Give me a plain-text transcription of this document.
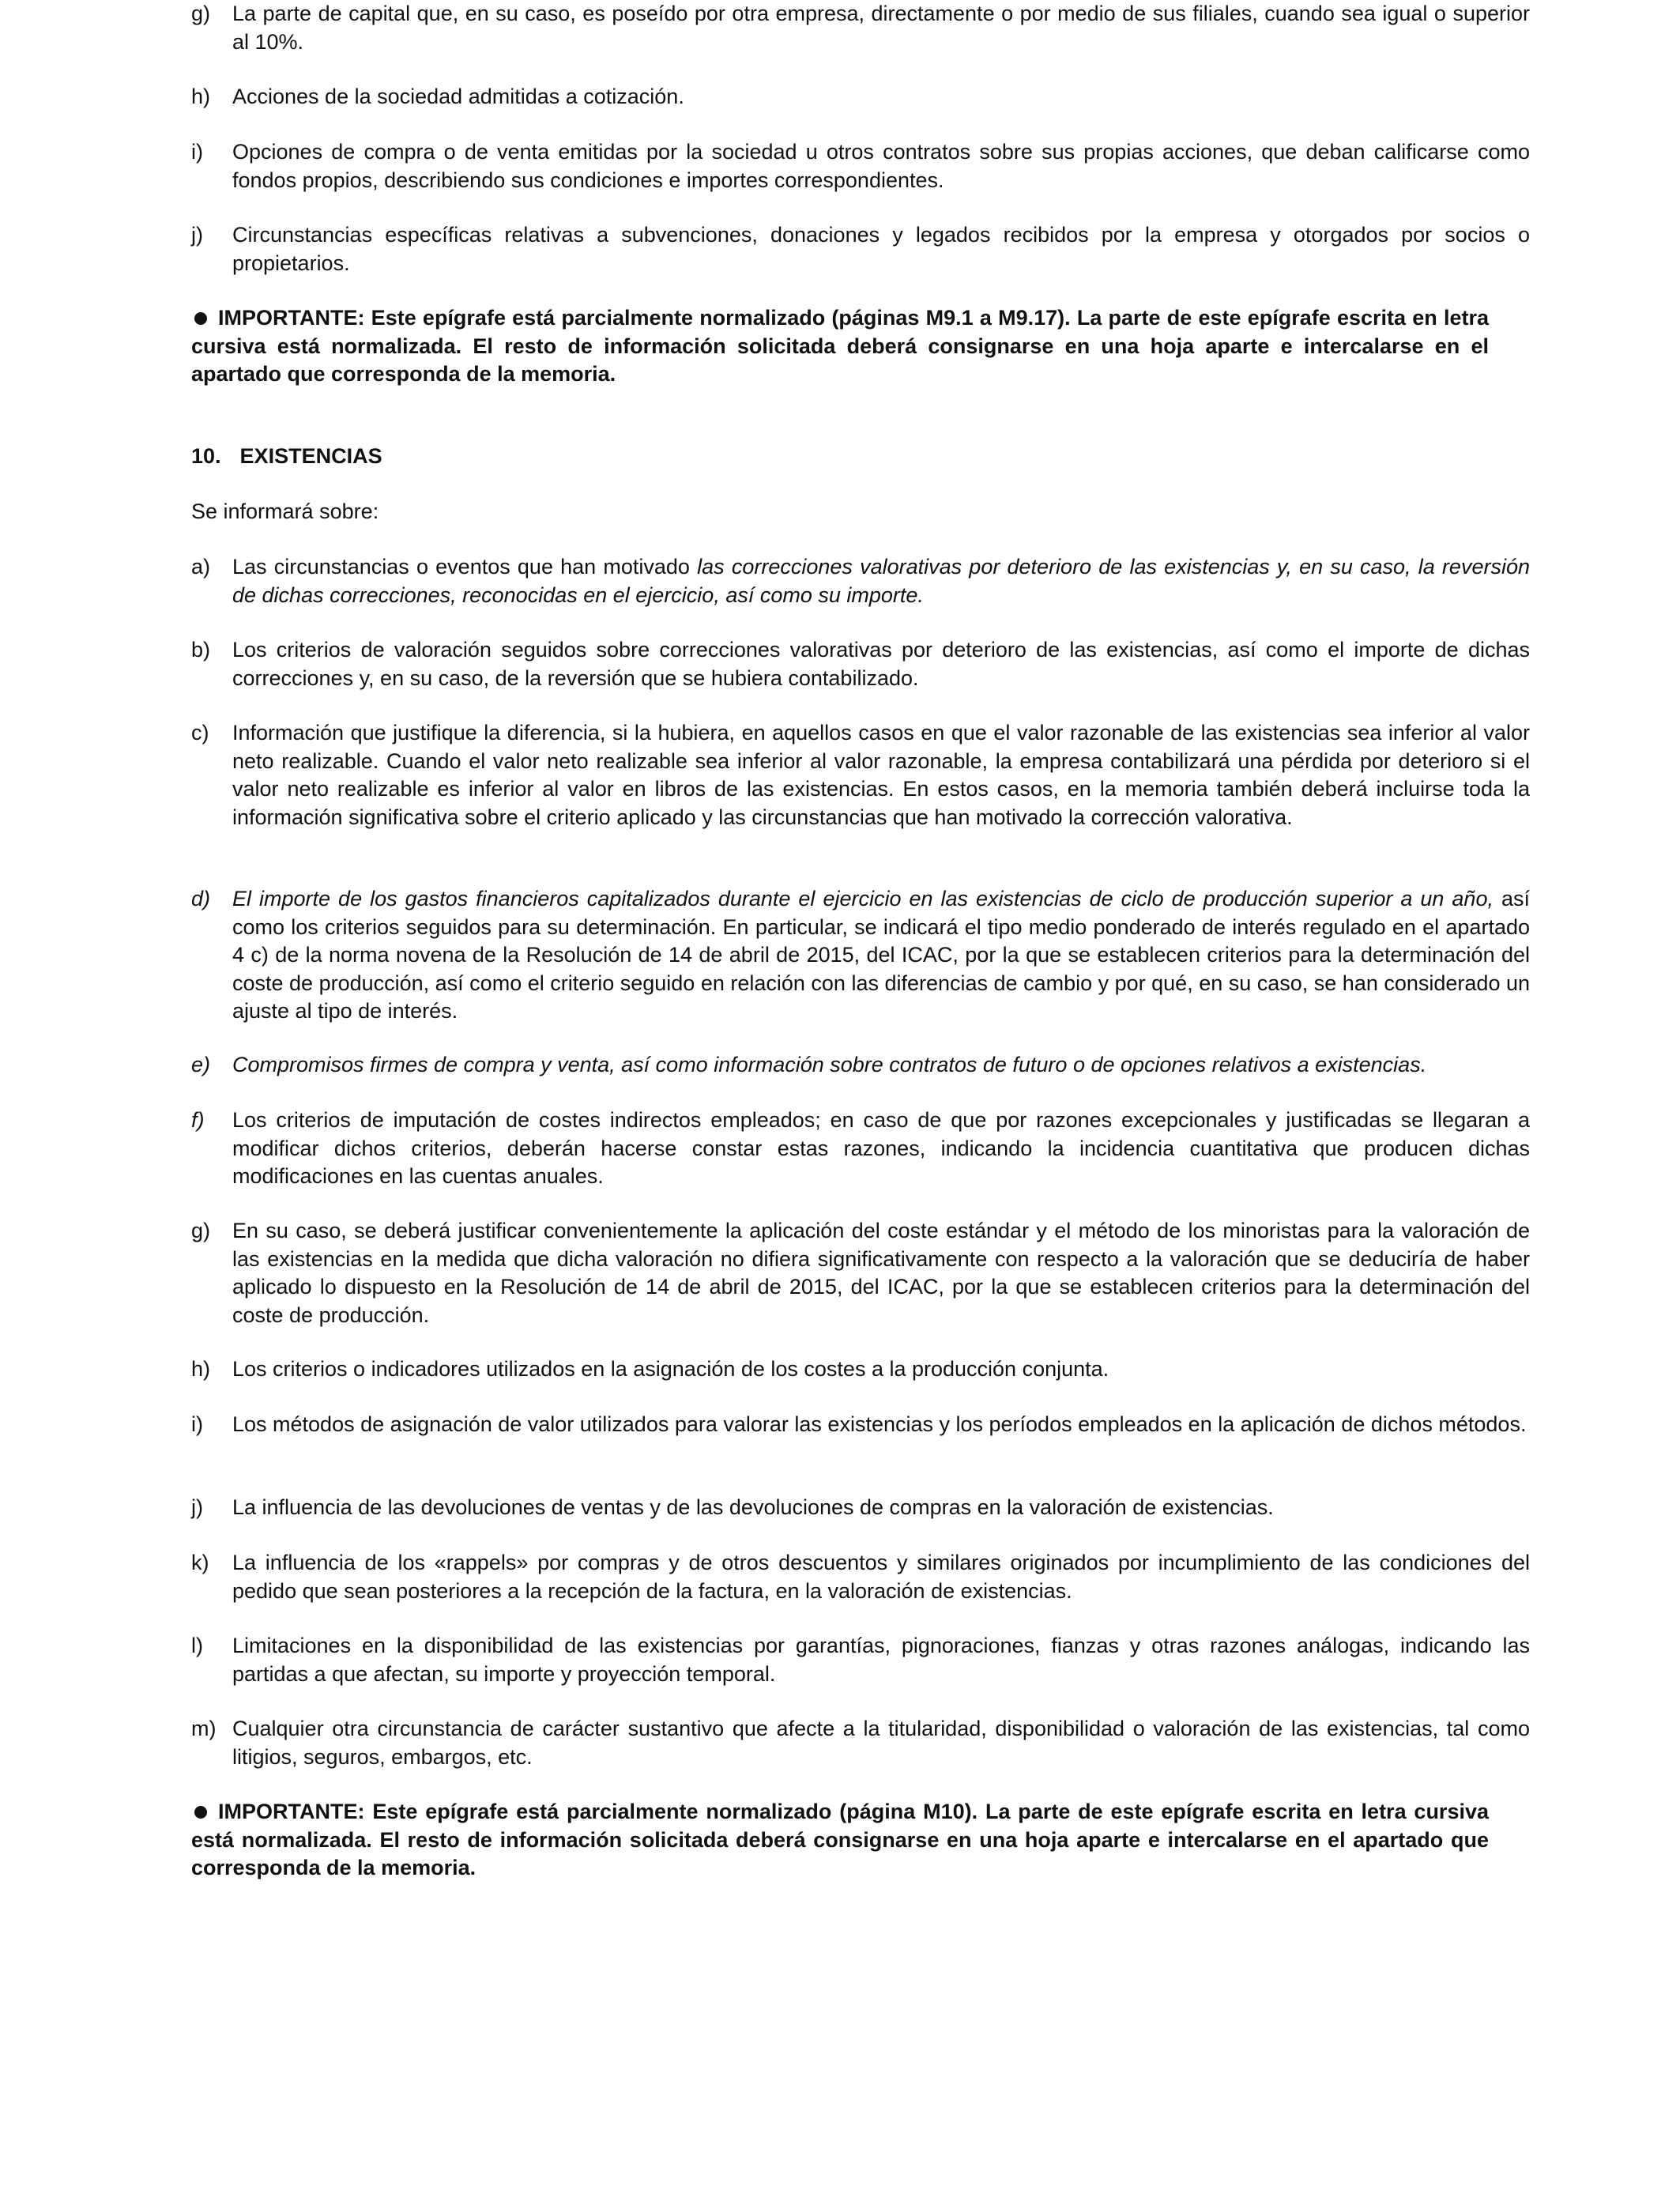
g) La parte de capital que, en su caso, es poseído por otra empresa, directamente o por medio de sus filiales, cuando sea igual o superior al 10%.
h) Acciones de la sociedad admitidas a cotización.
i) Opciones de compra o de venta emitidas por la sociedad u otros contratos sobre sus propias acciones, que deban calificarse como fondos propios, describiendo sus condiciones e importes correspondientes.
j) Circunstancias específicas relativas a subvenciones, donaciones y legados recibidos por la empresa y otorgados por socios o propietarios.
IMPORTANTE: Este epígrafe está parcialmente normalizado (páginas M9.1 a M9.17). La parte de este epígrafe escrita en letra cursiva está normalizada. El resto de información solicitada deberá consignarse en una hoja aparte e intercalarse en el apartado que corresponda de la memoria.
10. EXISTENCIAS
Se informará sobre:
a) Las circunstancias o eventos que han motivado las correcciones valorativas por deterioro de las existencias y, en su caso, la reversión de dichas correcciones, reconocidas en el ejercicio, así como su importe.
b) Los criterios de valoración seguidos sobre correcciones valorativas por deterioro de las existencias, así como el importe de dichas correcciones y, en su caso, de la reversión que se hubiera contabilizado.
c) Información que justifique la diferencia, si la hubiera, en aquellos casos en que el valor razonable de las existencias sea inferior al valor neto realizable. Cuando el valor neto realizable sea inferior al valor razonable, la empresa contabilizará una pérdida por deterioro si el valor neto realizable es inferior al valor en libros de las existencias. En estos casos, en la memoria también deberá incluirse toda la información significativa sobre el criterio aplicado y las circunstancias que han motivado la corrección valorativa.
d) El importe de los gastos financieros capitalizados durante el ejercicio en las existencias de ciclo de producción superior a un año, así como los criterios seguidos para su determinación. En particular, se indicará el tipo medio ponderado de interés regulado en el apartado 4 c) de la norma novena de la Resolución de 14 de abril de 2015, del ICAC, por la que se establecen criterios para la determinación del coste de producción, así como el criterio seguido en relación con las diferencias de cambio y por qué, en su caso, se han considerado un ajuste al tipo de interés.
e) Compromisos firmes de compra y venta, así como información sobre contratos de futuro o de opciones relativos a existencias.
f) Los criterios de imputación de costes indirectos empleados; en caso de que por razones excepcionales y justificadas se llegaran a modificar dichos criterios, deberán hacerse constar estas razones, indicando la incidencia cuantitativa que producen dichas modificaciones en las cuentas anuales.
g) En su caso, se deberá justificar convenientemente la aplicación del coste estándar y el método de los minoristas para la valoración de las existencias en la medida que dicha valoración no difiera significativamente con respecto a la valoración que se deduciría de haber aplicado lo dispuesto en la Resolución de 14 de abril de 2015, del ICAC, por la que se establecen criterios para la determinación del coste de producción.
h) Los criterios o indicadores utilizados en la asignación de los costes a la producción conjunta.
i) Los métodos de asignación de valor utilizados para valorar las existencias y los períodos empleados en la aplicación de dichos métodos.
j) La influencia de las devoluciones de ventas y de las devoluciones de compras en la valoración de existencias.
k) La influencia de los «rappels» por compras y de otros descuentos y similares originados por incumplimiento de las condiciones del pedido que sean posteriores a la recepción de la factura, en la valoración de existencias.
l) Limitaciones en la disponibilidad de las existencias por garantías, pignoraciones, fianzas y otras razones análogas, indicando las partidas a que afectan, su importe y proyección temporal.
m) Cualquier otra circunstancia de carácter sustantivo que afecte a la titularidad, disponibilidad o valoración de las existencias, tal como litigios, seguros, embargos, etc.
IMPORTANTE: Este epígrafe está parcialmente normalizado (página M10). La parte de este epígrafe escrita en letra cursiva está normalizada. El resto de información solicitada deberá consignarse en una hoja aparte e intercalarse en el apartado que corresponda de la memoria.
